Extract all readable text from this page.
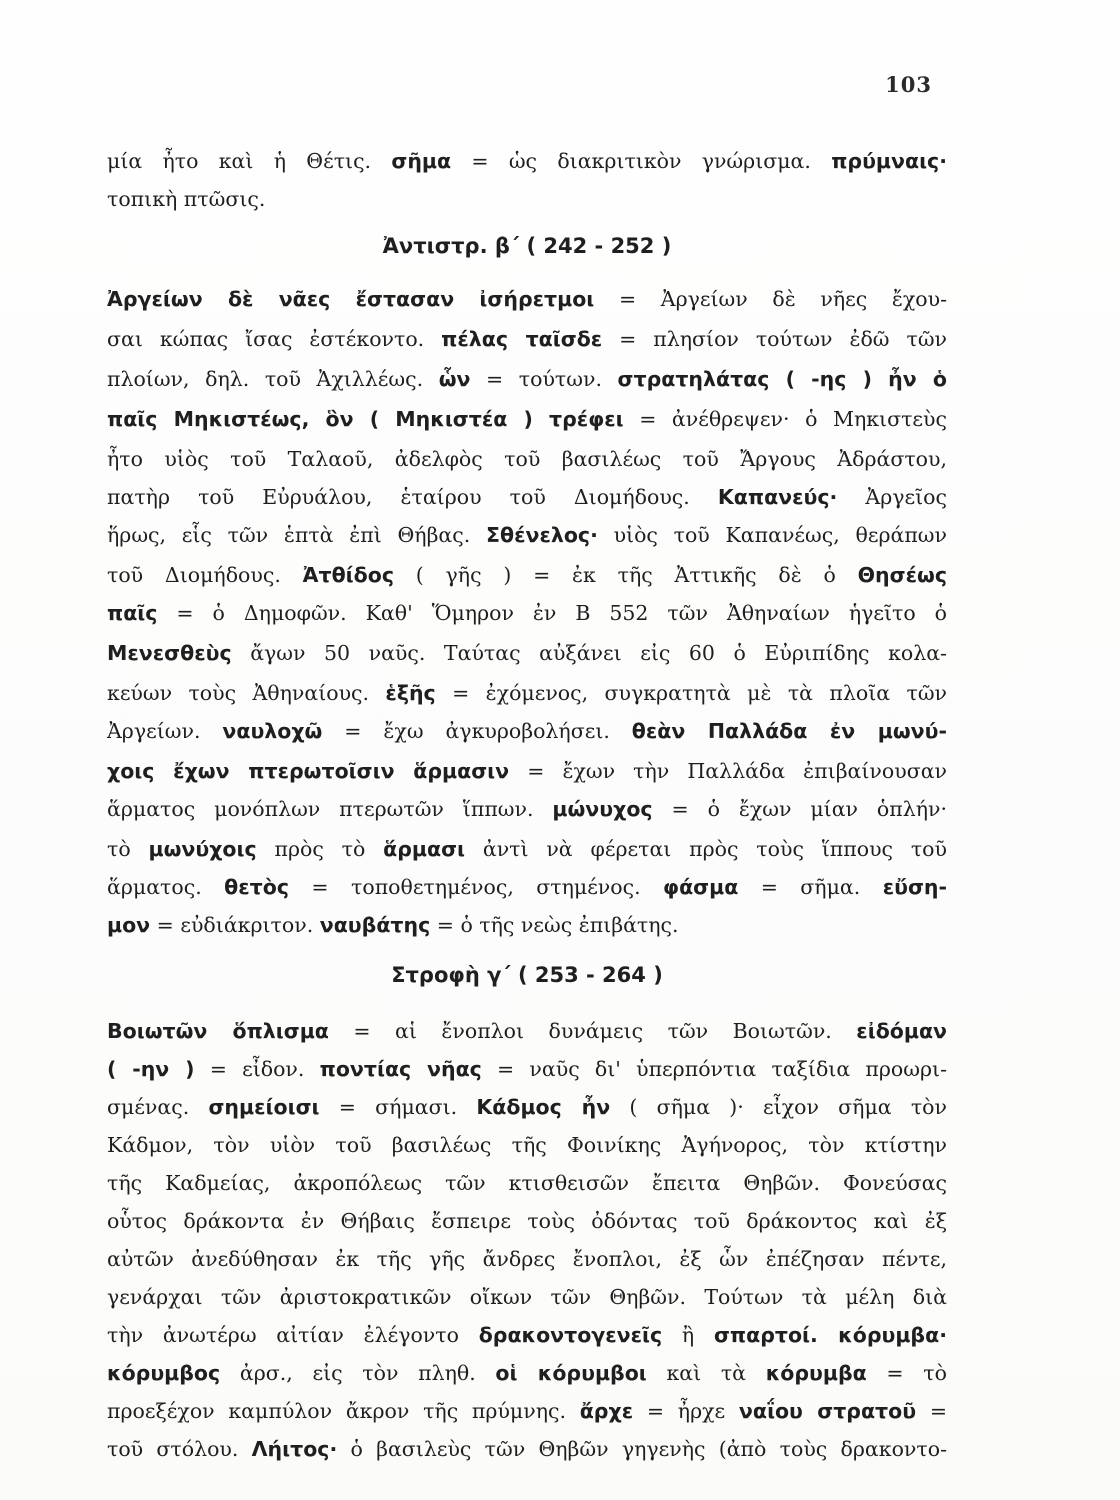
103
μία ἦτο καὶ ἡ Θέτις. σῆμα = ὡς διακριτικὸν γνώρισμα. πρύμναις·
τοπικὴ πτῶσις.
Ἀντιστρ. β΄ ( 242 - 252 )
Ἀργείων δὲ νᾶες ἔστασαν ἰσήρετμοι = Ἀργείων δὲ νῆες ἔχου-
σαι κώπας ἴσας ἐστέκοντο. πέλας ταῖσδε = πλησίον τούτων ἐδῶ τῶν
πλοίων, δηλ. τοῦ Ἀχιλλέως. ὧν = τούτων. στρατηλάτας ( -ης ) ἦν ὁ
παῖς Μηκιστέως, ὃν ( Μηκιστέα ) τρέφει = ἀνέθρεψεν· ὁ Μηκιστεὺς
ἦτο υἱὸς τοῦ Ταλαοῦ, ἀδελφὸς τοῦ βασιλέως τοῦ Ἄργους Ἀδράστου,
πατὴρ τοῦ Εὐρυάλου, ἑταίρου τοῦ Διομήδους. Καπανεύς· Ἀργεῖος
ἥρως, εἷς τῶν ἑπτὰ ἐπὶ Θήβας. Σθένελος· υἱὸς τοῦ Καπανέως, θεράπων
τοῦ Διομήδους. Ἀτθίδος ( γῆς ) = ἐκ τῆς Ἀττικῆς δὲ ὁ Θησέως
παῖς = ὁ Δημοφῶν. Καθ' Ὅμηρον ἐν Β 552 τῶν Ἀθηναίων ἡγεῖτο ὁ
Μενεσθεὺς ἄγων 50 ναῦς. Ταύτας αὐξάνει εἰς 60 ὁ Εὐριπίδης κολα-
κεύων τοὺς Ἀθηναίους. ἑξῆς = ἐχόμενος, συγκρατητὰ μὲ τὰ πλοῖα τῶν
Ἀργείων. ναυλοχῶ = ἔχω ἀγκυροβολήσει. θεὰν Παλλάδα ἐν μωνύ-
χοις ἔχων πτερωτοῖσιν ἅρμασιν = ἔχων τὴν Παλλάδα ἐπιβαίνουσαν
ἅρματος μονόπλων πτερωτῶν ἵππων. μώνυχος = ὁ ἔχων μίαν ὁπλήν·
τὸ μωνύχοις πρὸς τὸ ἅρμασι ἀντὶ νὰ φέρεται πρὸς τοὺς ἵππους τοῦ
ἅρματος. θετὸς = τοποθετημένος, στημένος. φάσμα = σῆμα. εὔση-
μον = εὐδιάκριτον. ναυβάτης = ὁ τῆς νεὼς ἐπιβάτης.
Στροφὴ γ΄ ( 253 - 264 )
Βοιωτῶν ὅπλισμα = αἱ ἔνοπλοι δυνάμεις τῶν Βοιωτῶν. εἰδόμαν
( -ην ) = εἶδον. ποντίας νῆας = ναῦς δι' ὑπερπόντια ταξίδια προωρι-
σμένας. σημείοισι = σήμασι. Κάδμος ἦν ( σῆμα )· εἶχον σῆμα τὸν
Κάδμον, τὸν υἱὸν τοῦ βασιλέως τῆς Φοινίκης Ἀγήνορος, τὸν κτίστην
τῆς Καδμείας, ἀκροπόλεως τῶν κτισθεισῶν ἔπειτα Θηβῶν. Φονεύσας
οὗτος δράκοντα ἐν Θήβαις ἔσπειρε τοὺς ὀδόντας τοῦ δράκοντος καὶ ἐξ
αὐτῶν ἀνεδύθησαν ἐκ τῆς γῆς ἄνδρες ἔνοπλοι, ἐξ ὧν ἐπέζησαν πέντε,
γενάρχαι τῶν ἀριστοκρατικῶν οἴκων τῶν Θηβῶν. Τούτων τὰ μέλη διὰ
τὴν ἀνωτέρω αἰτίαν ἐλέγοντο δρακοντογενεῖς ἢ σπαρτοί. κόρυμβα·
κόρυμβος ἀρσ., εἰς τὸν πληθ. οἱ κόρυμβοι καὶ τὰ κόρυμβα = τὸ
προεξέχον καμπύλον ἄκρον τῆς πρύμνης. ἄρχε = ἦρχε ναΐου στρατοῦ =
τοῦ στόλου. Λήιτος· ὁ βασιλεὺς τῶν Θηβῶν γηγενὴς (ἀπὸ τοὺς δρακοντο-
